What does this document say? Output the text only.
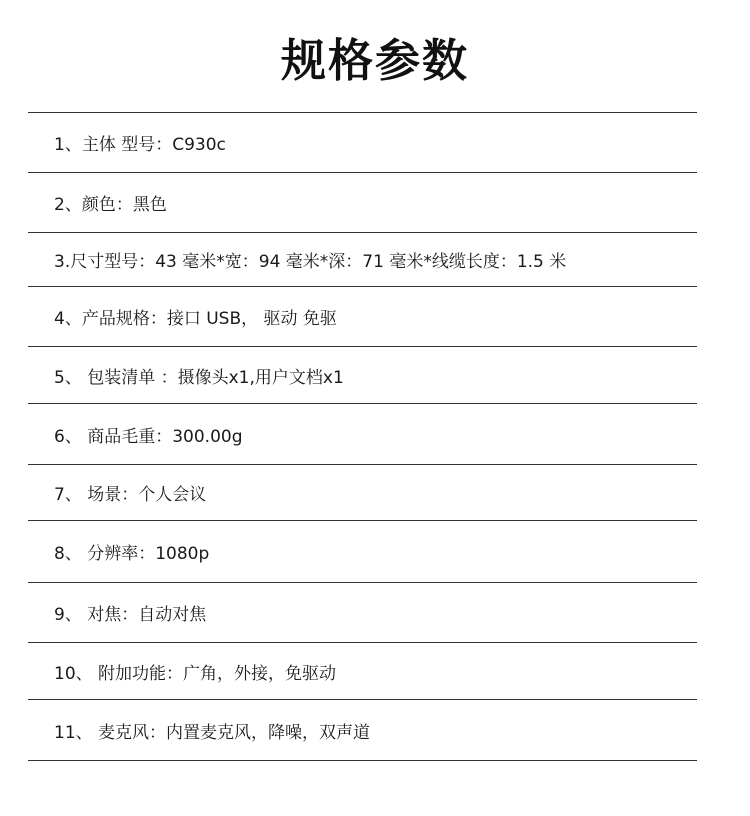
规格参数
1、主体 型号：C930c
2、颜色：黑色
3.尺寸型号：43 毫米*宽：94 毫米*深：71 毫米*线缆长度：1.5 米
4、产品规格：接口 USB， 驱动 免驱
5、 包装清单 ：摄像头x1,用户文档x1
6、 商品毛重：300.00g
7、 场景：个人会议
8、 分辨率：1080p
9、 对焦：自动对焦
10、 附加功能：广角，外接，免驱动
11、 麦克风：内置麦克风，降噪，双声道
